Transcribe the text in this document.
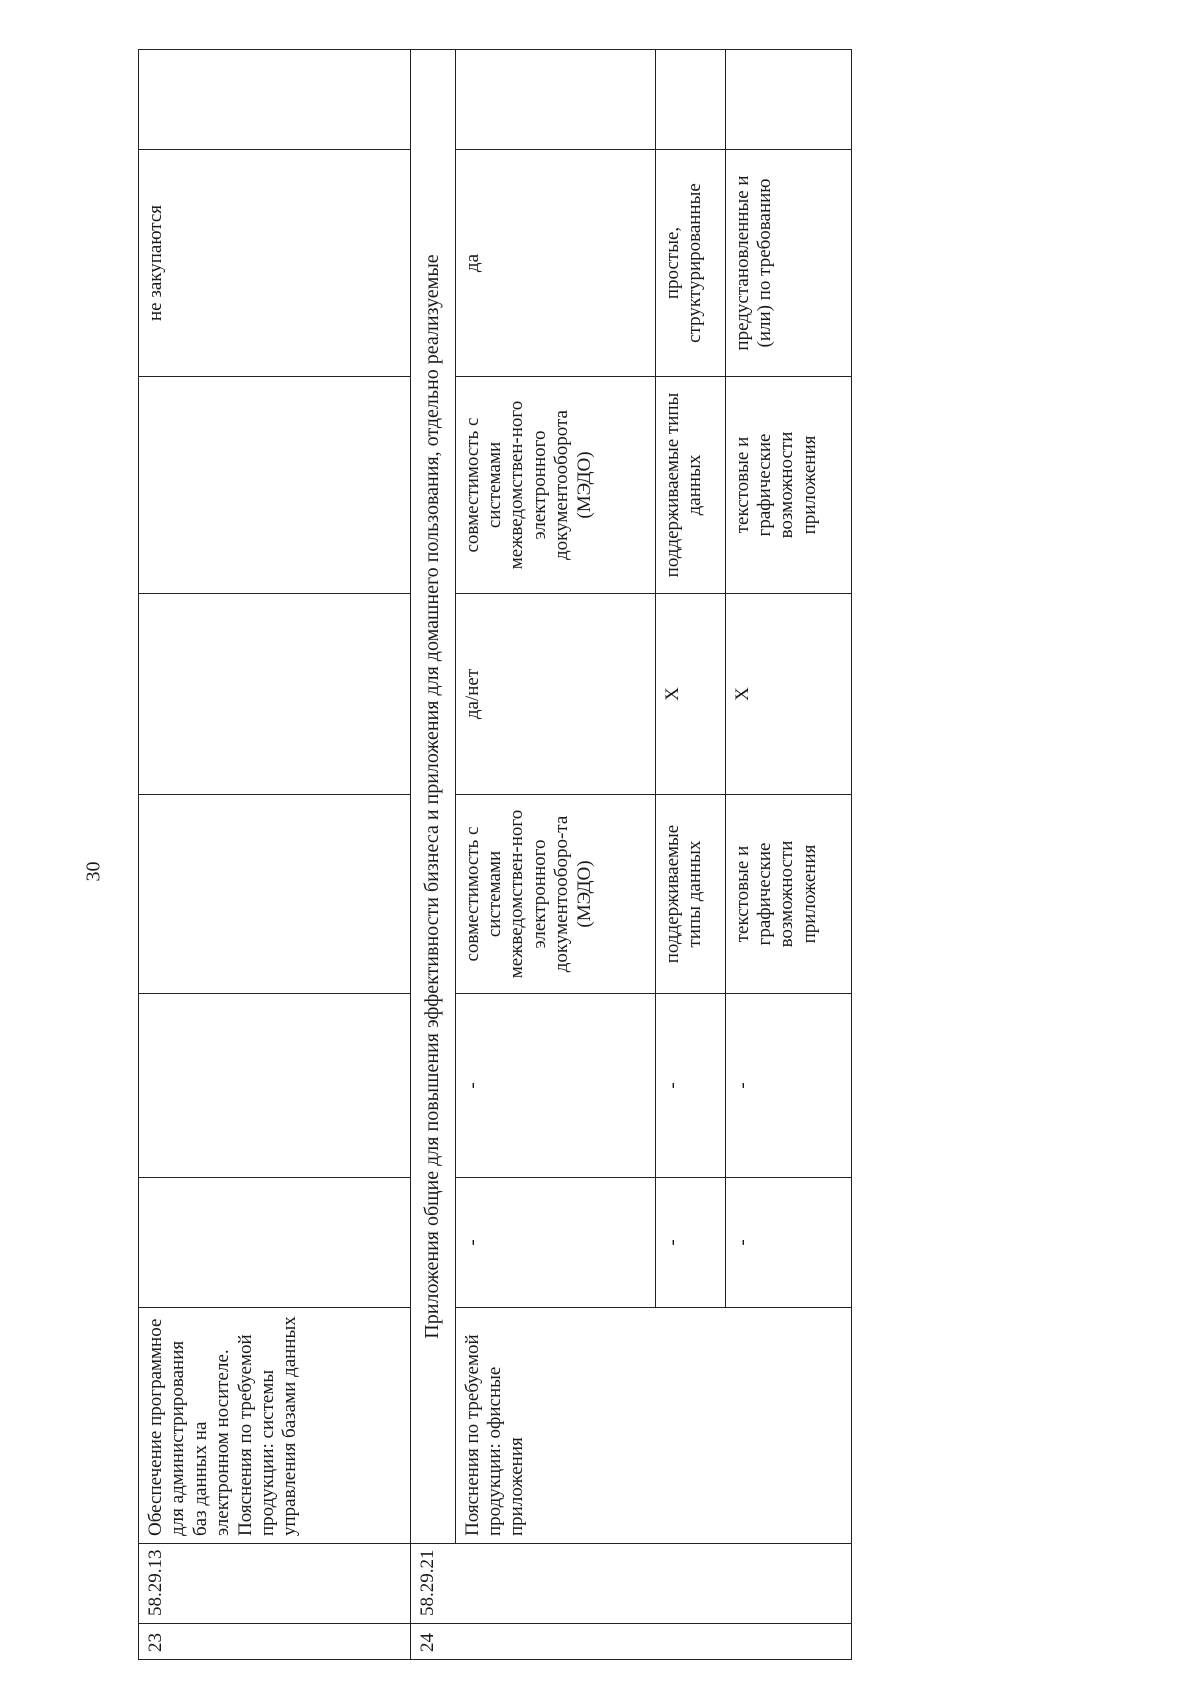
30
23	58.29.13	Обеспечение программное для администрирования баз данных на электронном носителе. Пояснения по требуемой продукции: системы управления базами данных						не закупаются	
24	58.29.21	Приложения общие для повышения эффективности бизнеса и приложения для домашнего пользования, отдельно реализуемые							
		Пояснения по требуемой продукции: офисные приложения	-	-	совместимость с системами межведомствен-ного электронного документооборо-та (МЭДО)	да/нет	совместимость с системами межведомствен-ного электронного документооборота (МЭДО)	да	
			-	-	поддерживаемые типы данных	X	поддерживаемые типы данных	простые, структурированные	
			-	-	текстовые и графические возможности приложения	X	текстовые и графические возможности приложения	предустановленные и (или) по требованию	
